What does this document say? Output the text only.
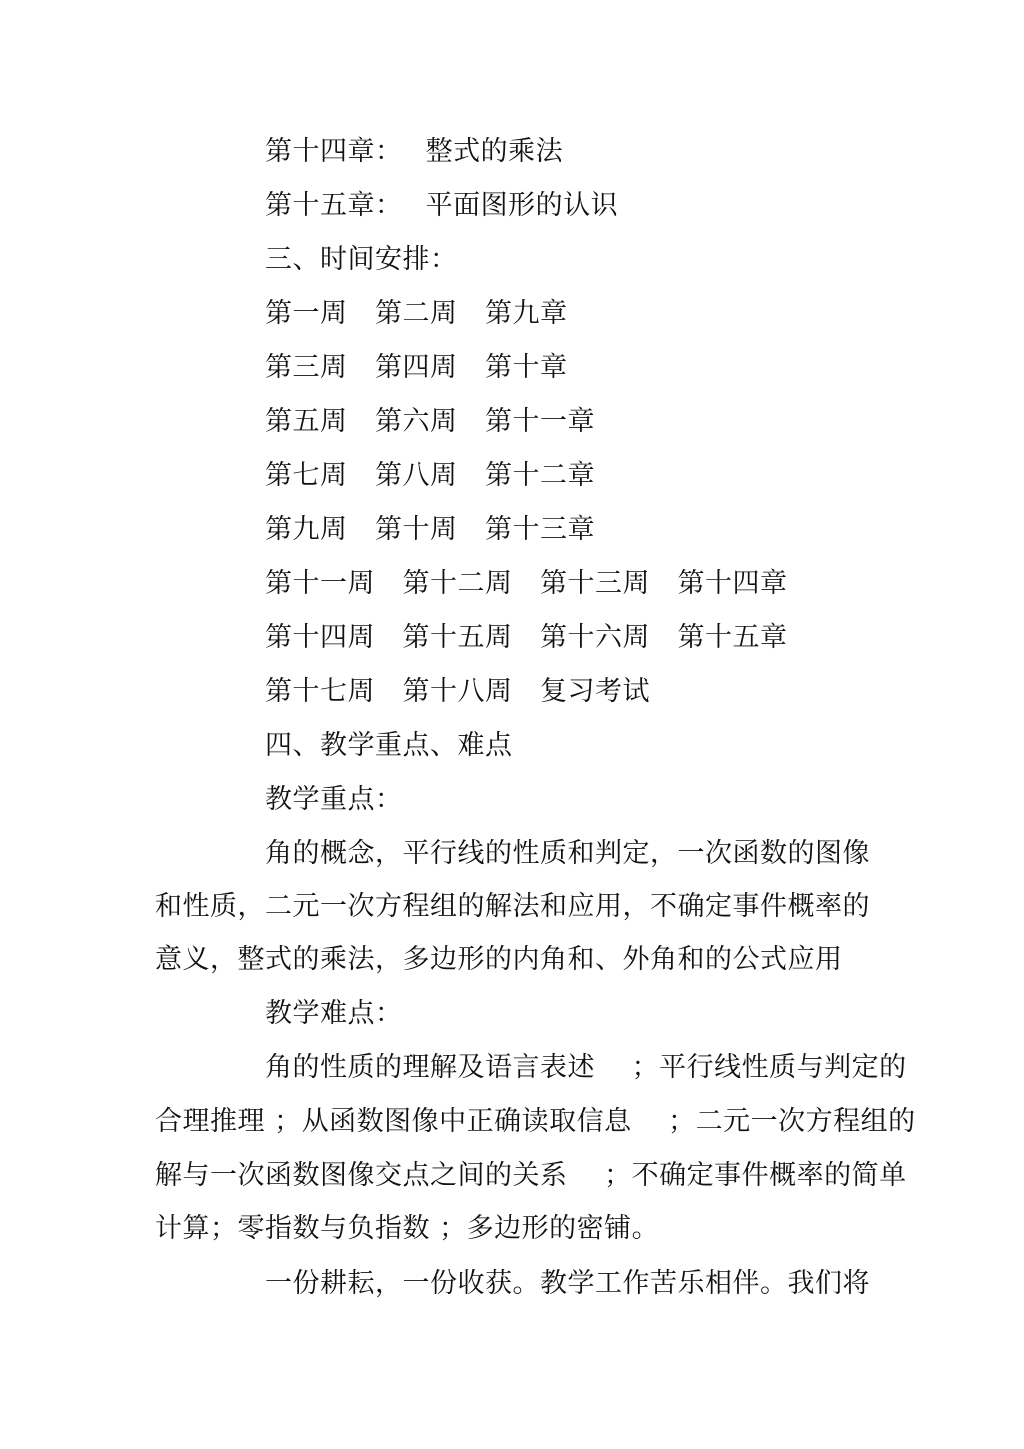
第十四章：　 整式的乘法
第十五章：　 平面图形的认识
三、时间安排：
第一周　第二周　第九章
第三周　第四周　第十章
第五周　第六周　第十一章
第七周　第八周　第十二章
第九周　第十周　第十三章
第十一周　第十二周　第十三周　第十四章
第十四周　第十五周　第十六周　第十五章
第十七周　第十八周　复习考试
四、教学重点、难点
教学重点：
角的概念，平行线的性质和判定，一次函数的图像
和性质，二元一次方程组的解法和应用，不确定事件概率的
意义，整式的乘法，多边形的内角和、外角和的公式应用
教学难点：
角的性质的理解及语言表述　 ；平行线性质与判定的
合理推理 ；从函数图像中正确读取信息　 ；二元一次方程组的
解与一次函数图像交点之间的关系　 ；不确定事件概率的简单
计算；零指数与负指数 ；多边形的密铺。
一份耕耘，一份收获。教学工作苦乐相伴。我们将
